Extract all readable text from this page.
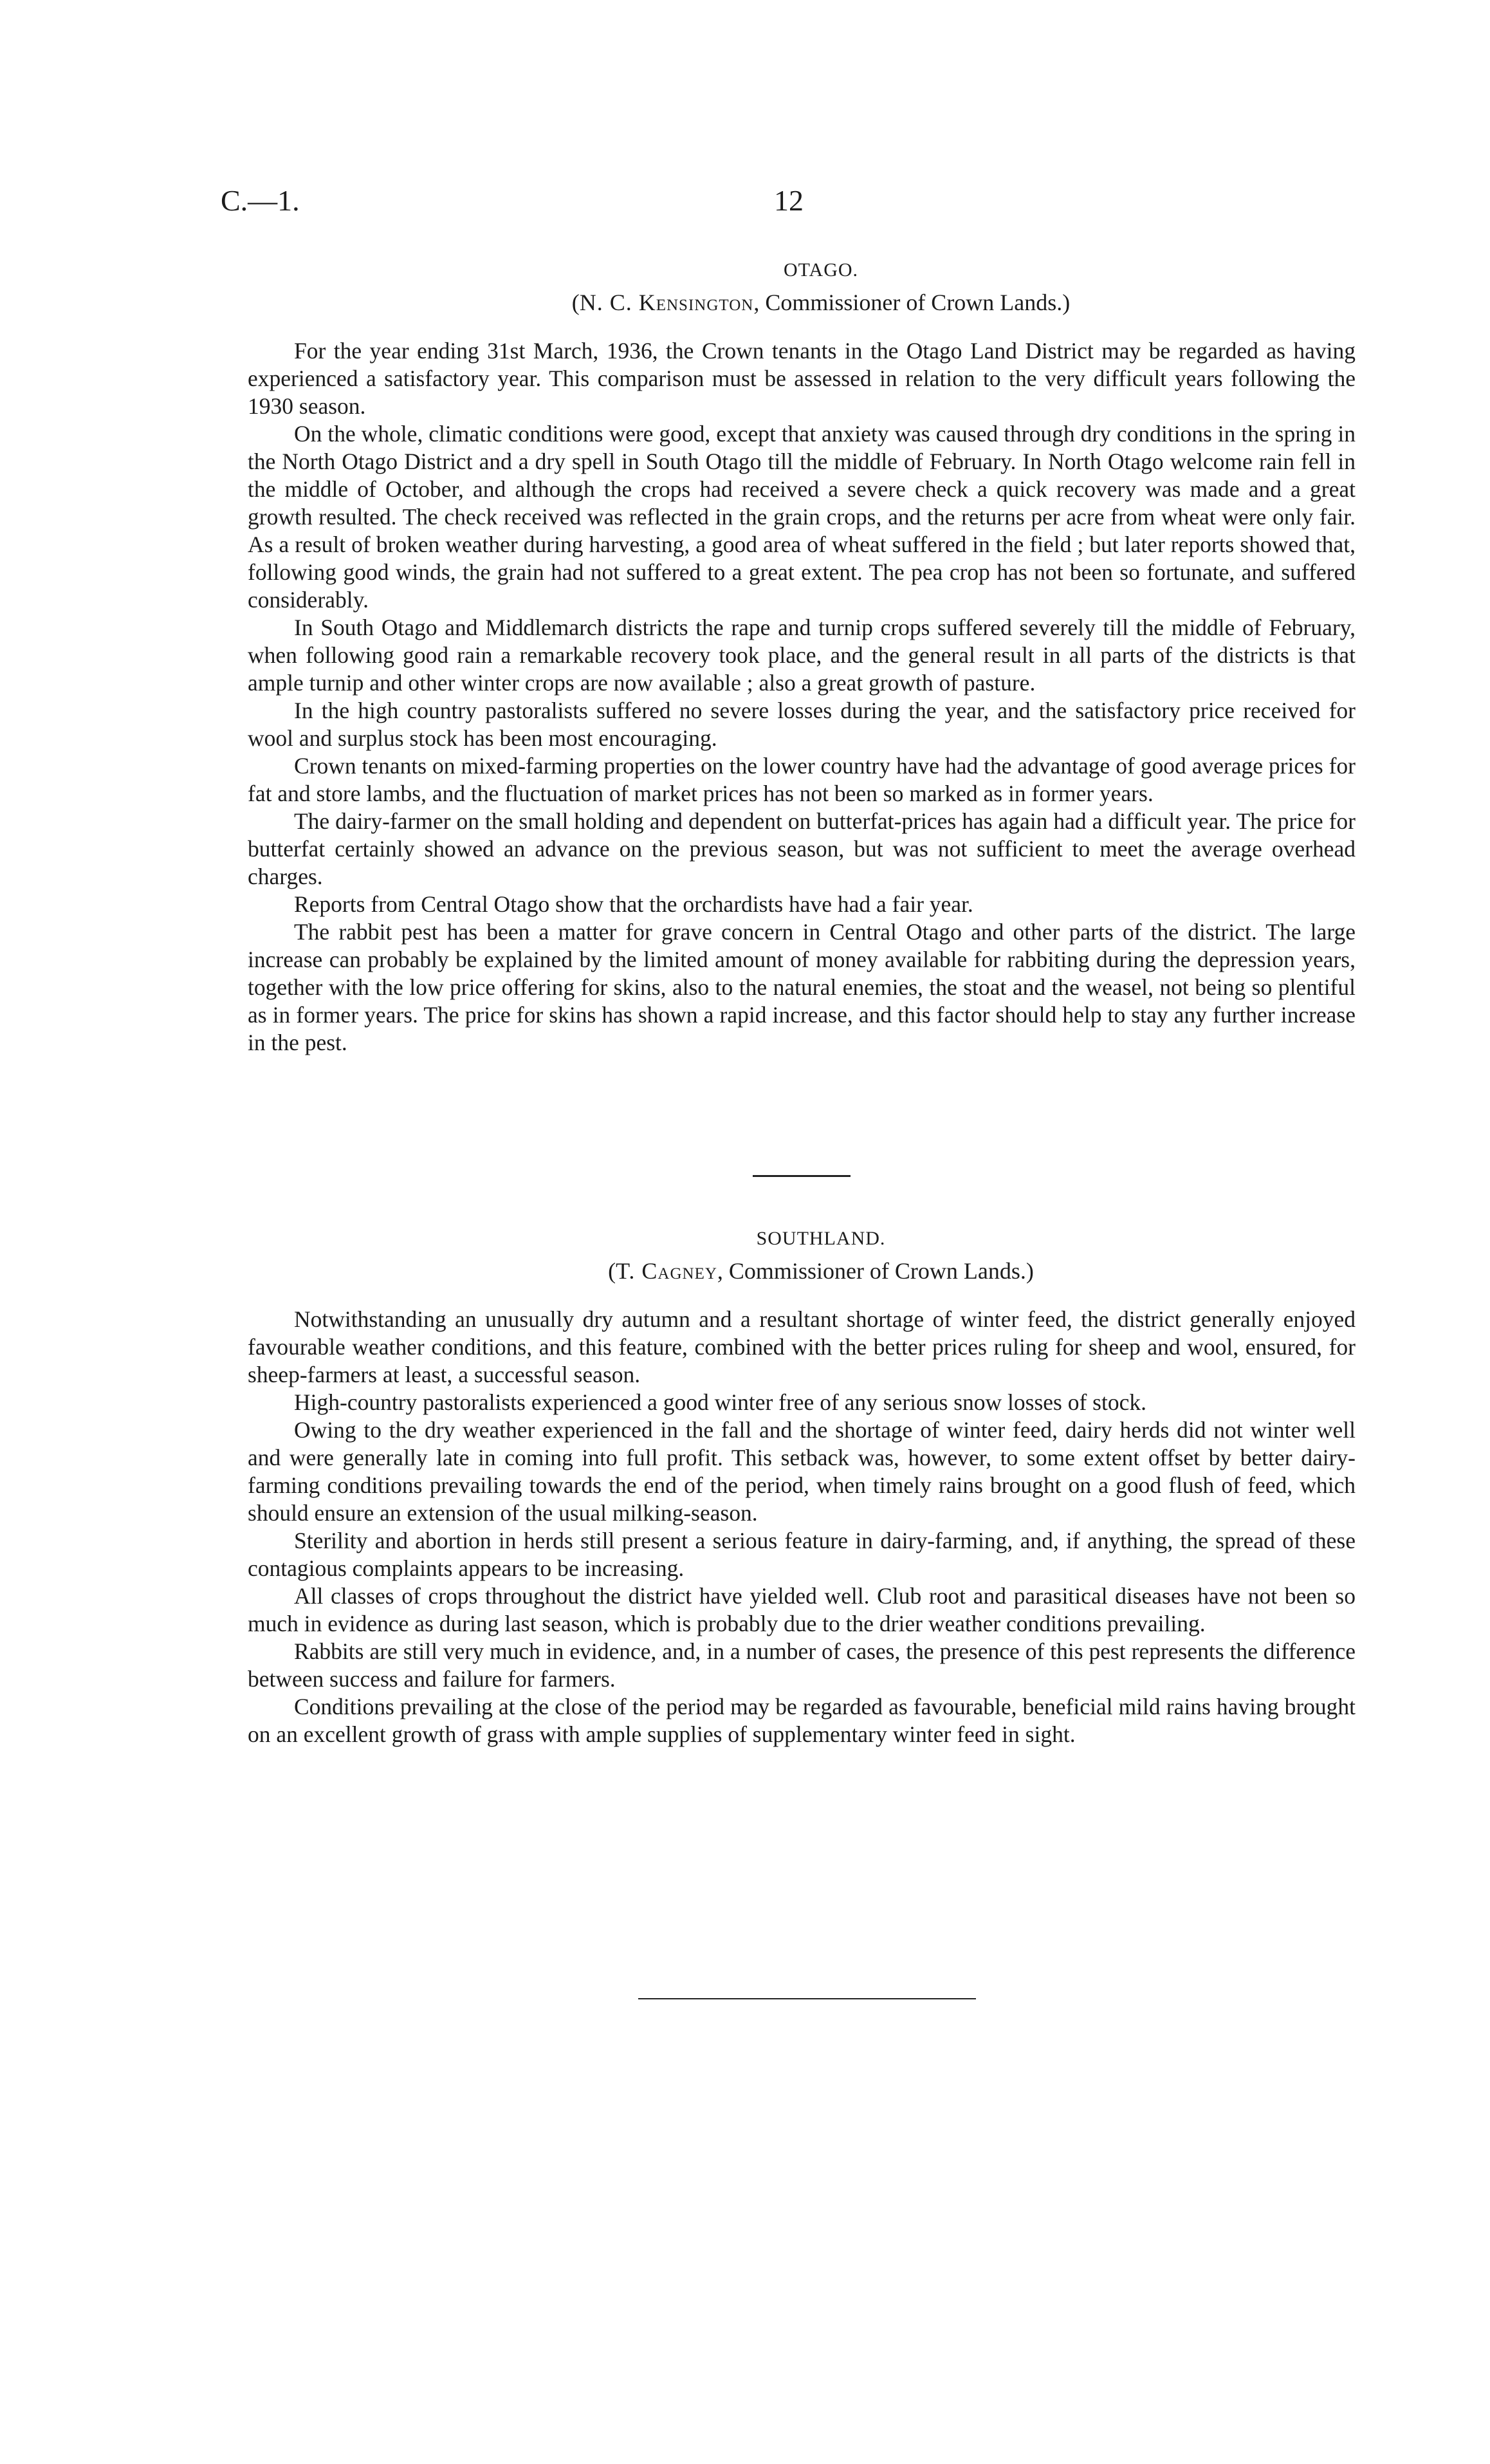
C.—1.	12
OTAGO.
(N. C. Kensington, Commissioner of Crown Lands.)

For the year ending 31st March, 1936, the Crown tenants in the Otago Land District may be regarded as having experienced a satisfactory year. This comparison must be assessed in relation to the very difficult years following the 1930 season.

On the whole, climatic conditions were good, except that anxiety was caused through dry conditions in the spring in the North Otago District and a dry spell in South Otago till the middle of February. In North Otago welcome rain fell in the middle of October, and although the crops had received a severe check a quick recovery was made and a great growth resulted. The check received was reflected in the grain crops, and the returns per acre from wheat were only fair. As a result of broken weather during harvesting, a good area of wheat suffered in the field ; but later reports showed that, following good winds, the grain had not suffered to a great extent. The pea crop has not been so fortunate, and suffered considerably.

In South Otago and Middlemarch districts the rape and turnip crops suffered severely till the middle of February, when following good rain a remarkable recovery took place, and the general result in all parts of the districts is that ample turnip and other winter crops are now available ; also a great growth of pasture.

In the high country pastoralists suffered no severe losses during the year, and the satisfactory price received for wool and surplus stock has been most encouraging.

Crown tenants on mixed-farming properties on the lower country have had the advantage of good average prices for fat and store lambs, and the fluctuation of market prices has not been so marked as in former years.

The dairy-farmer on the small holding and dependent on butterfat-prices has again had a difficult year. The price for butterfat certainly showed an advance on the previous season, but was not sufficient to meet the average overhead charges.

Reports from Central Otago show that the orchardists have had a fair year.

The rabbit pest has been a matter for grave concern in Central Otago and other parts of the district. The large increase can probably be explained by the limited amount of money available for rabbiting during the depression years, together with the low price offering for skins, also to the natural enemies, the stoat and the weasel, not being so plentiful as in former years. The price for skins has shown a rapid increase, and this factor should help to stay any further increase in the pest.

SOUTHLAND.
(T. Cagney, Commissioner of Crown Lands.)

Notwithstanding an unusually dry autumn and a resultant shortage of winter feed, the district generally enjoyed favourable weather conditions, and this feature, combined with the better prices ruling for sheep and wool, ensured, for sheep-farmers at least, a successful season.

High-country pastoralists experienced a good winter free of any serious snow losses of stock.

Owing to the dry weather experienced in the fall and the shortage of winter feed, dairy herds did not winter well and were generally late in coming into full profit. This setback was, however, to some extent offset by better dairy-farming conditions prevailing towards the end of the period, when timely rains brought on a good flush of feed, which should ensure an extension of the usual milking-season.

Sterility and abortion in herds still present a serious feature in dairy-farming, and, if anything, the spread of these contagious complaints appears to be increasing.

All classes of crops throughout the district have yielded well. Club root and parasitical diseases have not been so much in evidence as during last season, which is probably due to the drier weather conditions prevailing.

Rabbits are still very much in evidence, and, in a number of cases, the presence of this pest represents the difference between success and failure for farmers.

Conditions prevailing at the close of the period may be regarded as favourable, beneficial mild rains having brought on an excellent growth of grass with ample supplies of supplementary winter feed in sight.
